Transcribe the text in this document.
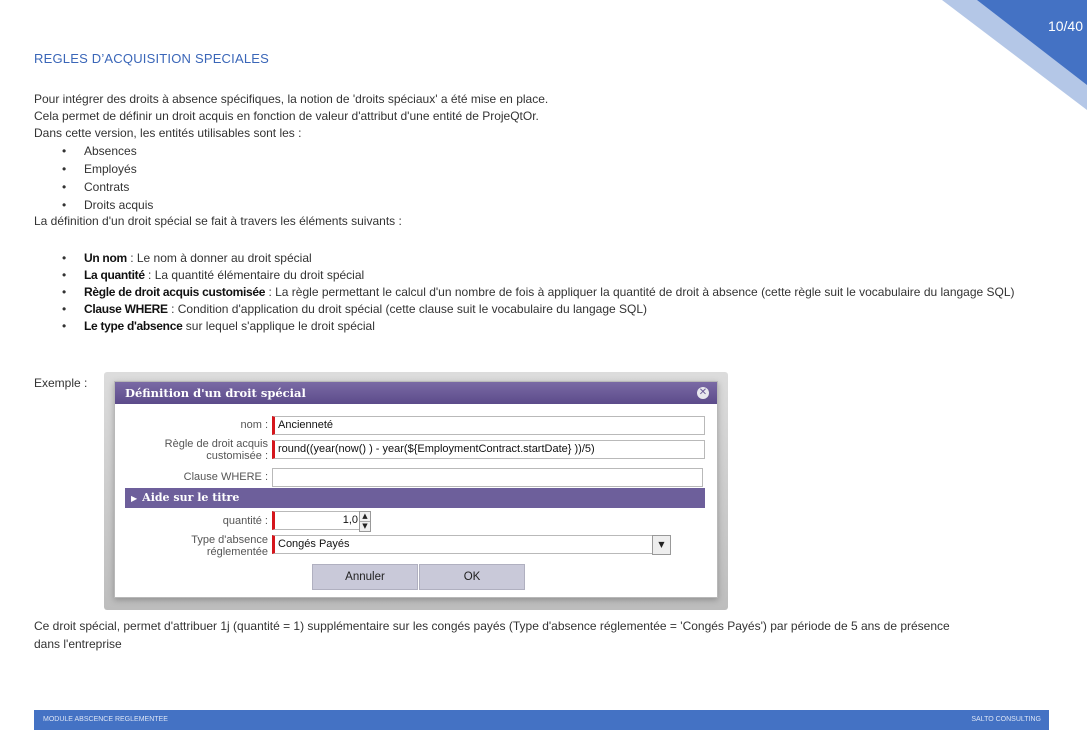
10/40
REGLES D’ACQUISITION SPECIALES
Pour intégrer des droits à absence spécifiques, la notion de 'droits spéciaux' a été mise en place.
Cela permet de définir un droit acquis en fonction de valeur d'attribut d'une entité de ProjeQtOr.
Dans cette version, les entités utilisables sont les :
• Absences
• Employés
• Contrats
• Droits acquis
La définition d'un droit spécial se fait à travers les éléments suivants :
• Un nom : Le nom à donner au droit spécial
• La quantité : La quantité élémentaire du droit spécial
• Règle de droit acquis customisée : La règle permettant le calcul d'un nombre de fois à appliquer la quantité de droit à absence (cette règle suit le vocabulaire du langage SQL)
• Clause WHERE : Condition d'application du droit spécial (cette clause suit le vocabulaire du langage SQL)
• Le type d'absence sur lequel s'applique le droit spécial
Exemple :
Définition d'un droit spécial	✕
nom : Ancienneté
Règle de droit acquis
customisée :
round((year(now() ) - year(${EmploymentContract.startDate} ))/5)
Clause WHERE :
▶ Aide sur le titre
quantité :	1,0 ▲
▼
Type d'absence
réglementée
Congés Payés	▼
Annuler	OK
Ce droit spécial, permet d'attribuer 1j (quantité = 1) supplémentaire sur les congés payés (Type d'absence réglementée = 'Congés Payés') par période de 5 ans de présence
dans l'entreprise
MODULE ABSCENCE REGLEMENTEE	SALTO CONSULTING
